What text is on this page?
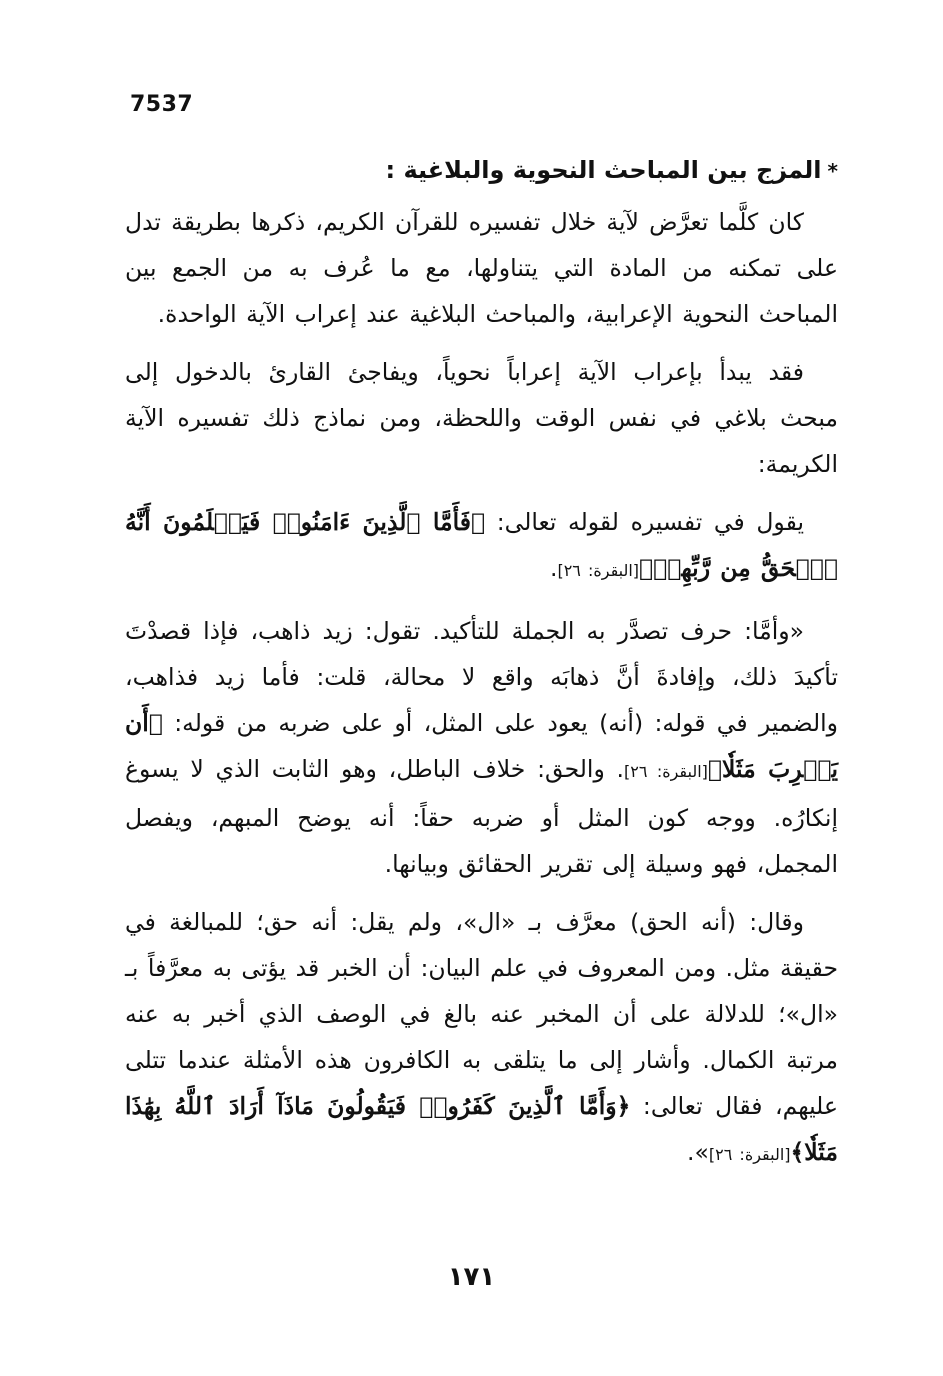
7537
*المزج بين المباحث النحوية والبلاغية :

كان كلَّما تعرَّض لآية خلال تفسيره للقرآن الكريم، ذكرها بطريقة تدل على تمكنه من المادة التي يتناولها، مع ما عُرف به من الجمع بين المباحث النحوية الإعرابية، والمباحث البلاغية عند إعراب الآية الواحدة.

فقد يبدأ بإعراب الآية إعراباً نحوياً، ويفاجئ القارئ بالدخول إلى مبحث بلاغي في نفس الوقت واللحظة، ومن نماذج ذلك تفسيره الآية الكريمة:

يقول في تفسيره لقوله تعالى: ﴿فَأَمَّا ٱلَّذِينَ ءَامَنُوا۟ فَيَعۡلَمُونَ أَنَّهُ ٱلۡحَقُّ مِن رَّبِّهِمۡ﴾[البقرة: ٢٦].

«وأمَّا: حرف تصدَّر به الجملة للتأكيد. تقول: زيد ذاهب، فإذا قصدْتَ تأكيدَ ذلك، وإفادةَ أنَّ ذهابَه واقع لا محالة، قلت: فأما زيد فذاهب، والضمير في قوله: (أنه) يعود على المثل، أو على ضربه من قوله: ﴿أَن يَضۡرِبَ مَثَلٗا﴾[البقرة: ٢٦]. والحق: خلاف الباطل، وهو الثابت الذي لا يسوغ إنكارُه. ووجه كون المثل أو ضربه حقاً: أنه يوضح المبهم، ويفصل المجمل، فهو وسيلة إلى تقرير الحقائق وبيانها.

وقال: (أنه الحق) معرَّف بـ «ال»، ولم يقل: أنه حق؛ للمبالغة في حقيقة مثل. ومن المعروف في علم البيان: أن الخبر قد يؤتى به معرَّفاً بـ «ال»؛ للدلالة على أن المخبر عنه بالغ في الوصف الذي أخبر به عنه مرتبة الكمال. وأشار إلى ما يتلقى به الكافرون هذه الأمثلة عندما تتلى عليهم، فقال تعالى: ﴿وَأَمَّا ٱلَّذِينَ كَفَرُوا۟ فَيَقُولُونَ مَاذَآ أَرَادَ ٱللَّهُ بِهَٰذَا مَثَلٗا﴾[البقرة: ٢٦]».

١٧١
